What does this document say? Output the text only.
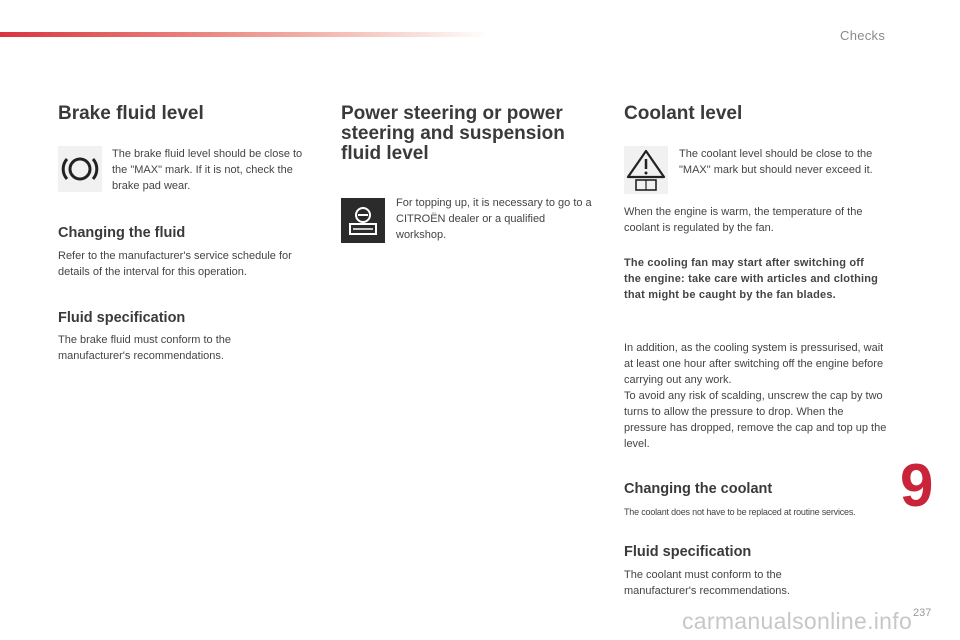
Checks
Brake fluid level

The brake fluid level should be close to the "MAX" mark. If it is not, check the brake pad wear.

Changing the fluid

Refer to the manufacturer's service schedule for details of the interval for this operation.

Fluid specification

The brake fluid must conform to the manufacturer's recommendations.

Power steering or power steering and suspension fluid level

For topping up, it is necessary to go to a CITROËN dealer or a qualified workshop.

Coolant level

The coolant level should be close to the "MAX" mark but should never exceed it.

When the engine is warm, the temperature of the coolant is regulated by the fan.

The cooling fan may start after switching off the engine: take care with articles and clothing that might be caught by the fan blades.

In addition, as the cooling system is pressurised, wait at least one hour after switching off the engine before carrying out any work.

To avoid any risk of scalding, unscrew the cap by two turns to allow the pressure to drop. When the pressure has dropped, remove the cap and top up the level.

Changing the coolant

The coolant does not have to be replaced at routine services.

Fluid specification

The coolant must conform to the manufacturer's recommendations.

9
carmanualsonline.info 237
